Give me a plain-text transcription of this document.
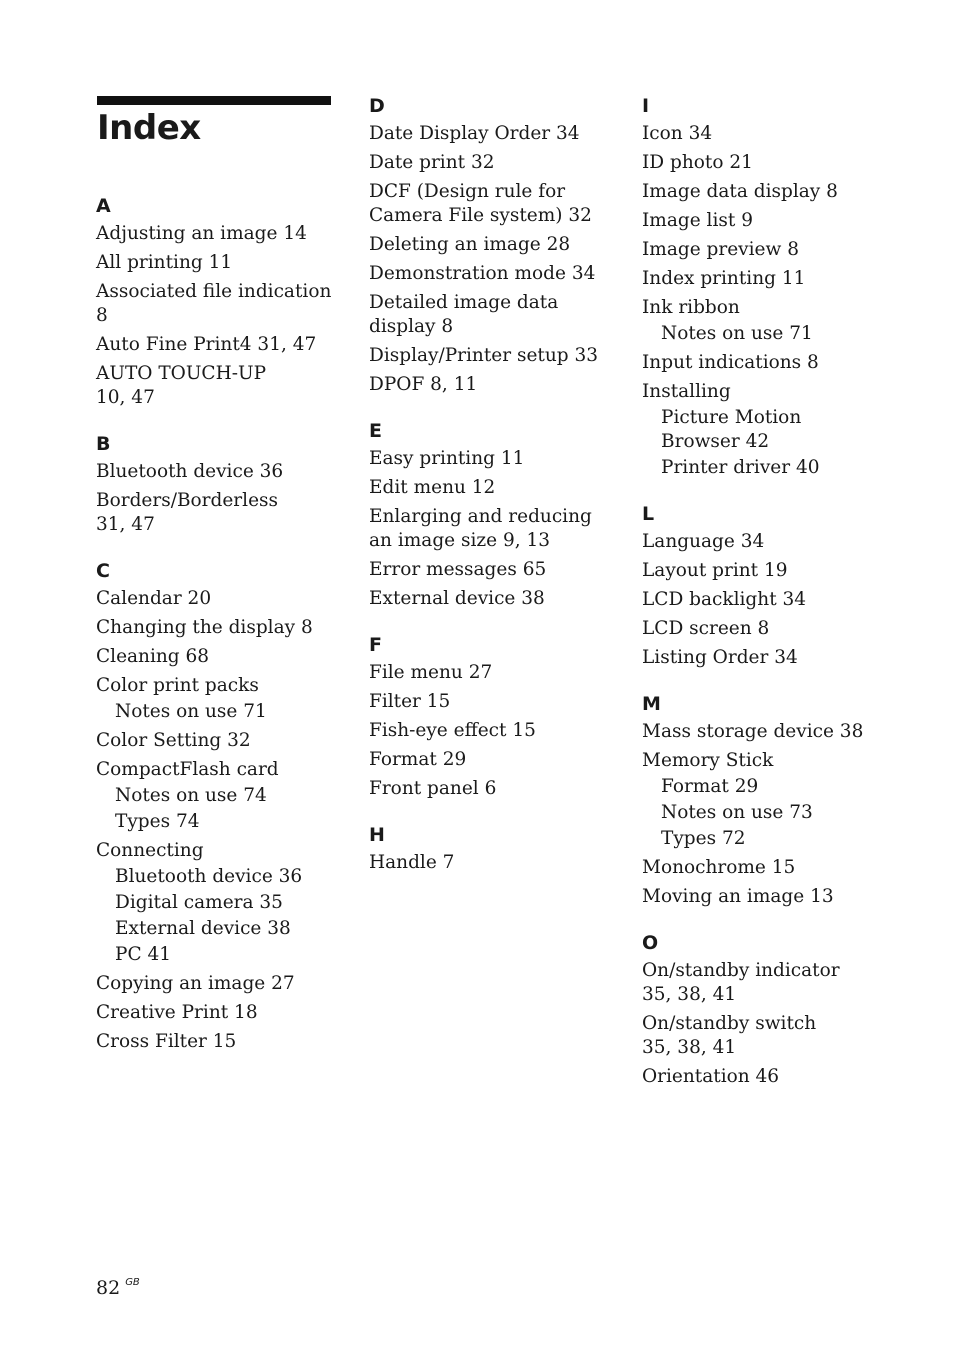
Index
A
Adjusting an image 14
All printing 11
Associated file indication
8
Auto Fine Print4 31, 47
AUTO TOUCH-UP
10, 47
B
Bluetooth device 36
Borders/Borderless
31, 47
C
Calendar 20
Changing the display 8
Cleaning 68
Color print packs
Notes on use 71
Color Setting 32
CompactFlash card
Notes on use 74
Types 74
Connecting
Bluetooth device 36
Digital camera 35
External device 38
PC 41
Copying an image 27
Creative Print 18
Cross Filter 15
D
Date Display Order 34
Date print 32
DCF (Design rule for
Camera File system) 32
Deleting an image 28
Demonstration mode 34
Detailed image data
display 8
Display/Printer setup 33
DPOF 8, 11
E
Easy printing 11
Edit menu 12
Enlarging and reducing
an image size 9, 13
Error messages 65
External device 38
F
File menu 27
Filter 15
Fish-eye effect 15
Format 29
Front panel 6
H
Handle 7
I
Icon 34
ID photo 21
Image data display 8
Image list 9
Image preview 8
Index printing 11
Ink ribbon
Notes on use 71
Input indications 8
Installing
Picture Motion
Browser 42
Printer driver 40
L
Language 34
Layout print 19
LCD backlight 34
LCD screen 8
Listing Order 34
M
Mass storage device 38
Memory Stick
Format 29
Notes on use 73
Types 72
Monochrome 15
Moving an image 13
O
On/standby indicator
35, 38, 41
On/standby switch
35, 38, 41
Orientation 46
82 $^{GB}$
